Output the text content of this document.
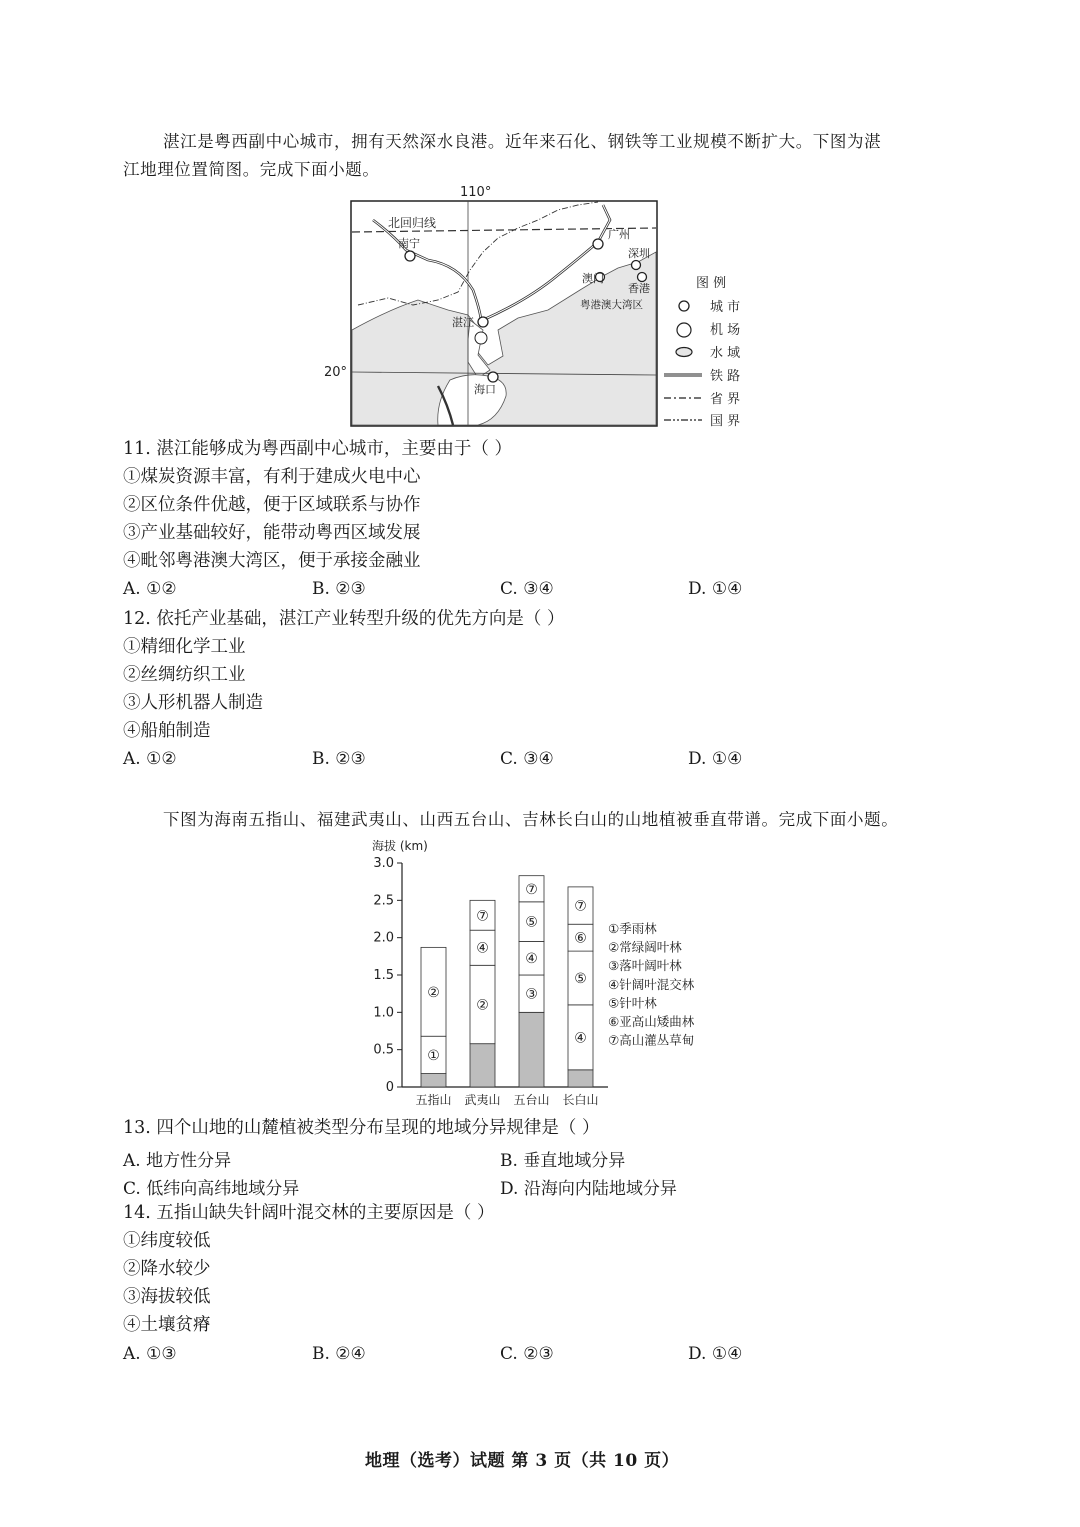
湛江是粤西副中心城市，拥有天然深水良港。近年来石化、钢铁等工业规模不断扩大。下图为湛
江地理位置简图。完成下面小题。
110°
20°
北回归线
南宁
广州
深圳
澳门
香港
粤港澳大湾区
湛江
海口
图 例
城 市
机 场
水 域
铁 路
省 界
国 界
11. 湛江能够成为粤西副中心城市，主要由于（ ）
①煤炭资源丰富，有利于建成火电中心
②区位条件优越，便于区域联系与协作
③产业基础较好，能带动粤西区域发展
④毗邻粤港澳大湾区，便于承接金融业
A. ①②	B. ②③	C. ③④	D. ①④
12. 依托产业基础，湛江产业转型升级的优先方向是（ ）
①精细化学工业
②丝绸纺织工业
③人形机器人制造
④船舶制造
A. ①②	B. ②③	C. ③④	D. ①④
下图为海南五指山、福建武夷山、山西五台山、吉林长白山的山地植被垂直带谱。完成下面小题。
海拔 (km)
0
0.5
1.0
1.5
2.0
2.5
3.0
①
②
五指山
②
④
⑦
武夷山
③
④
⑤
⑦
五台山
④
⑤
⑥
⑦
长白山
①季雨林
②常绿阔叶林
③落叶阔叶林
④针阔叶混交林
⑤针叶林
⑥亚高山矮曲林
⑦高山灌丛草甸
13. 四个山地的山麓植被类型分布呈现的地域分异规律是（ ）
A. 地方性分异	B. 垂直地域分异
C. 低纬向高纬地域分异	D. 沿海向内陆地域分异
14. 五指山缺失针阔叶混交林的主要原因是（ ）
①纬度较低
②降水较少
③海拔较低
④土壤贫瘠
A. ①③	B. ②④	C. ②③	D. ①④
地理（选考）试题 第 3 页（共 10 页）
